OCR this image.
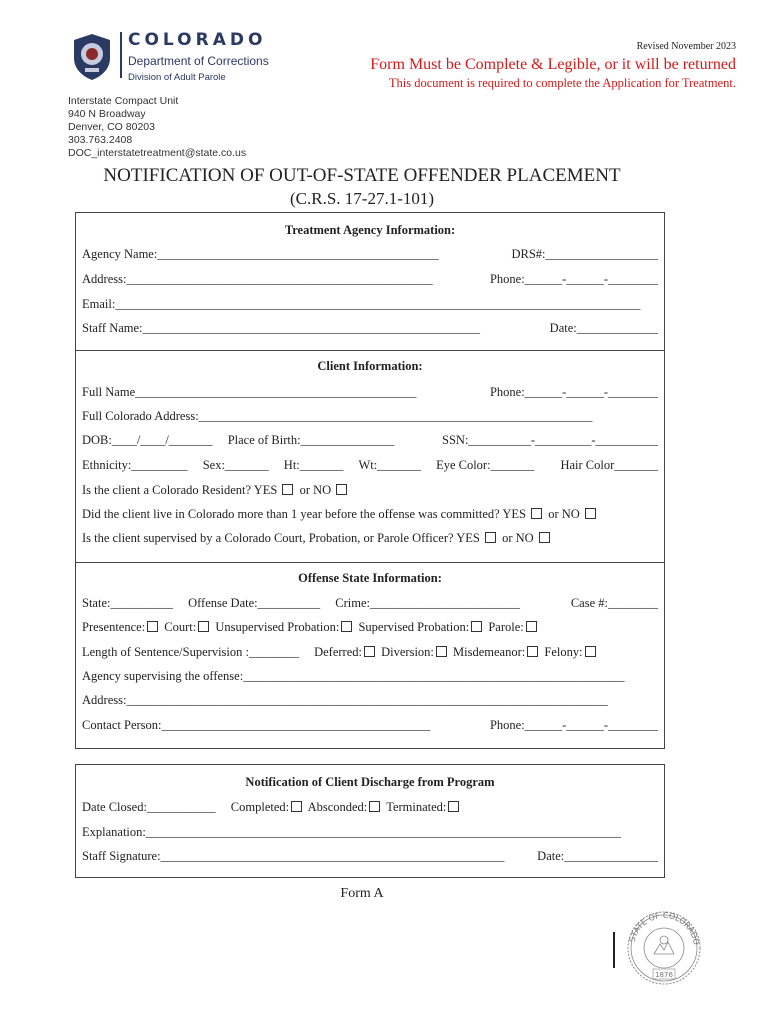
COLORADO
Department of Corrections
Division of Adult Parole
Interstate Compact Unit
940 N Broadway
Denver, CO 80203
303.763.2408
DOC_interstatetreatment@state.co.us
Revised November 2023
Form Must be Complete & Legible, or it will be returned
This document is required to complete the Application for Treatment.
NOTIFICATION OF OUT-OF-STATE OFFENDER PLACEMENT
(C.R.S. 17-27.1-101)
Treatment Agency Information:
Agency Name:_____________________________________________	DRS#:__________________
Address:_________________________________________________	Phone:______-______-________
Email:____________________________________________________________________________________
Staff Name:______________________________________________________	Date:_____________
Client Information:
Full Name_____________________________________________	Phone:______-______-________
Full Colorado Address:_______________________________________________________________
DOB:____/____/_______ Place of Birth:_______________	SSN:__________-_________-__________
Ethnicity:_________ Sex:_______ Ht:_______ Wt:_______ Eye Color:_______ Hair Color_______
Is the client a Colorado Resident? YES or NO
Did the client live in Colorado more than 1 year before the offense was committed? YES or NO
Is the client supervised by a Colorado Court, Probation, or Parole Officer? YES or NO
Offense State Information:
State:__________ Offense Date:__________ Crime:________________________	Case #:________
Presentence: Court: Unsupervised Probation: Supervised Probation: Parole:
Length of Sentence/Supervision :________ Deferred: Diversion: Misdemeanor: Felony:
Agency supervising the offense:_____________________________________________________________
Address:_____________________________________________________________________________
Contact Person:___________________________________________	Phone:______-______-________
Notification of Client Discharge from Program
Date Closed:___________ Completed: Absconded: Terminated:
Explanation:____________________________________________________________________________
Staff Signature:_______________________________________________________	Date:_______________
Form A
STATE OF COLORADO
1876
